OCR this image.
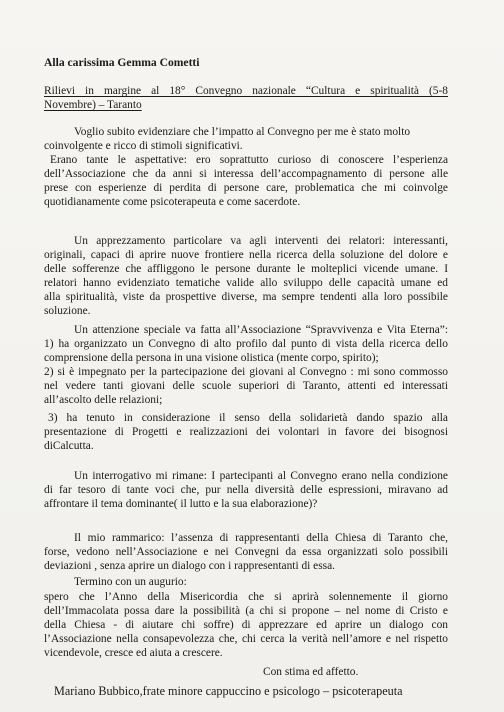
Alla carissima Gemma Cometti
Rilievi in margine al 18° Convegno nazionale “Cultura e spiritualità (5-8
Novembre) – Taranto
Voglio subito evidenziare che l’impatto al Convegno per me è stato molto
coinvolgente e ricco di stimoli significativi.
Erano tante le aspettative: ero soprattutto curioso di conoscere l’esperienza
dell’Associazione che da anni si interessa dell’accompagnamento di persone alle
prese con esperienze di perdita di persone care, problematica che mi coinvolge
quotidianamente come psicoterapeuta e come sacerdote.
Un apprezzamento particolare va agli interventi dei relatori: interessanti,
originali, capaci di aprire nuove frontiere nella ricerca della soluzione del dolore e
delle sofferenze che affliggono le persone durante le molteplici vicende umane. I
relatori hanno evidenziato tematiche valide allo sviluppo delle capacità umane ed
alla spiritualità, viste da prospettive diverse, ma sempre tendenti alla loro possibile
soluzione.
Un attenzione speciale va fatta all’Associazione “Spravvivenza e Vita Eterna”:
1) ha organizzato un Convegno di alto profilo dal punto di vista della ricerca dello
comprensione della persona in una visione olistica (mente corpo, spirito);
2) si è impegnato per la partecipazione dei giovani al Convegno : mi sono commosso
nel vedere tanti giovani delle scuole superiori di Taranto, attenti ed interessati
all’ascolto delle relazioni;
3) ha tenuto in considerazione il senso della solidarietà dando spazio alla
presentazione di Progetti e realizzazioni dei volontari in favore dei bisognosi
diCalcutta.
Un interrogativo mi rimane: I partecipanti al Convegno erano nella condizione
di far tesoro di tante voci che, pur nella diversità delle espressioni, miravano ad
affrontare il tema dominante( il lutto e la sua elaborazione)?
Il mio rammarico: l’assenza di rappresentanti della Chiesa di Taranto che,
forse, vedono nell’Associazione e nei Convegni da essa organizzati solo possibili
deviazioni , senza aprire un dialogo con i rappresentanti di essa.
Termino con un augurio:
spero che l’Anno della Misericordia che si aprirà solennemente il giorno
dell’Immacolata possa dare la possibilità (a chi si propone – nel nome di Cristo e
della Chiesa - di aiutare chi soffre) di apprezzare ed aprire un dialogo con
l’Associazione nella consapevolezza che, chi cerca la verità nell’amore e nel rispetto
vicendevole, cresce ed aiuta a crescere.
Con stima ed affetto.
Mariano Bubbico,frate minore cappuccino e psicologo – psicoterapeuta
